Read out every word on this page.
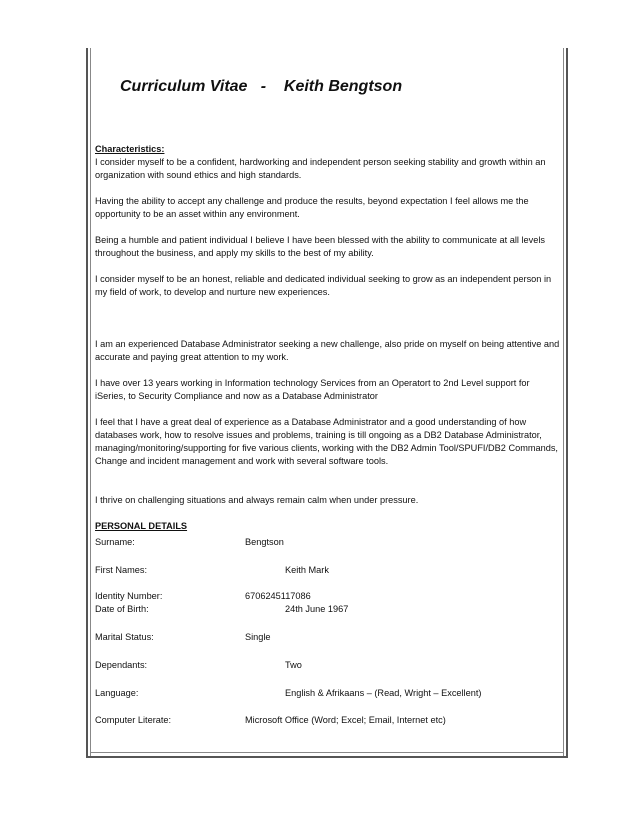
Curriculum Vitae   -    Keith Bengtson

Characteristics:

I consider myself to be a confident, hardworking and independent person seeking stability and growth within an organization with sound ethics and high standards.

Having the ability to accept any challenge and produce the results, beyond expectation I feel allows me the opportunity to be an asset within any environment.

Being a humble and patient individual I believe I have been blessed with the ability to communicate at all levels throughout the business, and apply my skills to the best of my ability.

I consider myself to be an honest, reliable and dedicated individual seeking to grow as an independent person in my field of work, to develop and nurture new experiences.

I am an experienced Database Administrator seeking a new challenge, also pride on myself on being attentive and accurate and paying great attention to my work.

I have over 13 years working in Information technology Services from an Operatort to 2nd Level support for iSeries, to Security Compliance and now as a Database Administrator

I feel that I have a great deal of experience as a Database Administrator and a good understanding of how databases work, how to resolve issues and problems, training is till ongoing as a DB2 Database Administrator, managing/monitoring/supporting for five various clients, working with the DB2 Admin Tool/SPUFI/DB2 Commands, Change and incident management and work with several software tools.

I thrive on challenging situations and always remain calm when under pressure.

PERSONAL DETAILS

Surname:	Bengtson
First Names:	Keith Mark
Identity Number:	6706245117086
Date of Birth:	24th June 1967
Marital Status:	Single
Dependants:	Two
Language:	English & Afrikaans – (Read, Wright – Excellent)
Computer Literate:	Microsoft Office (Word; Excel; Email, Internet etc)
